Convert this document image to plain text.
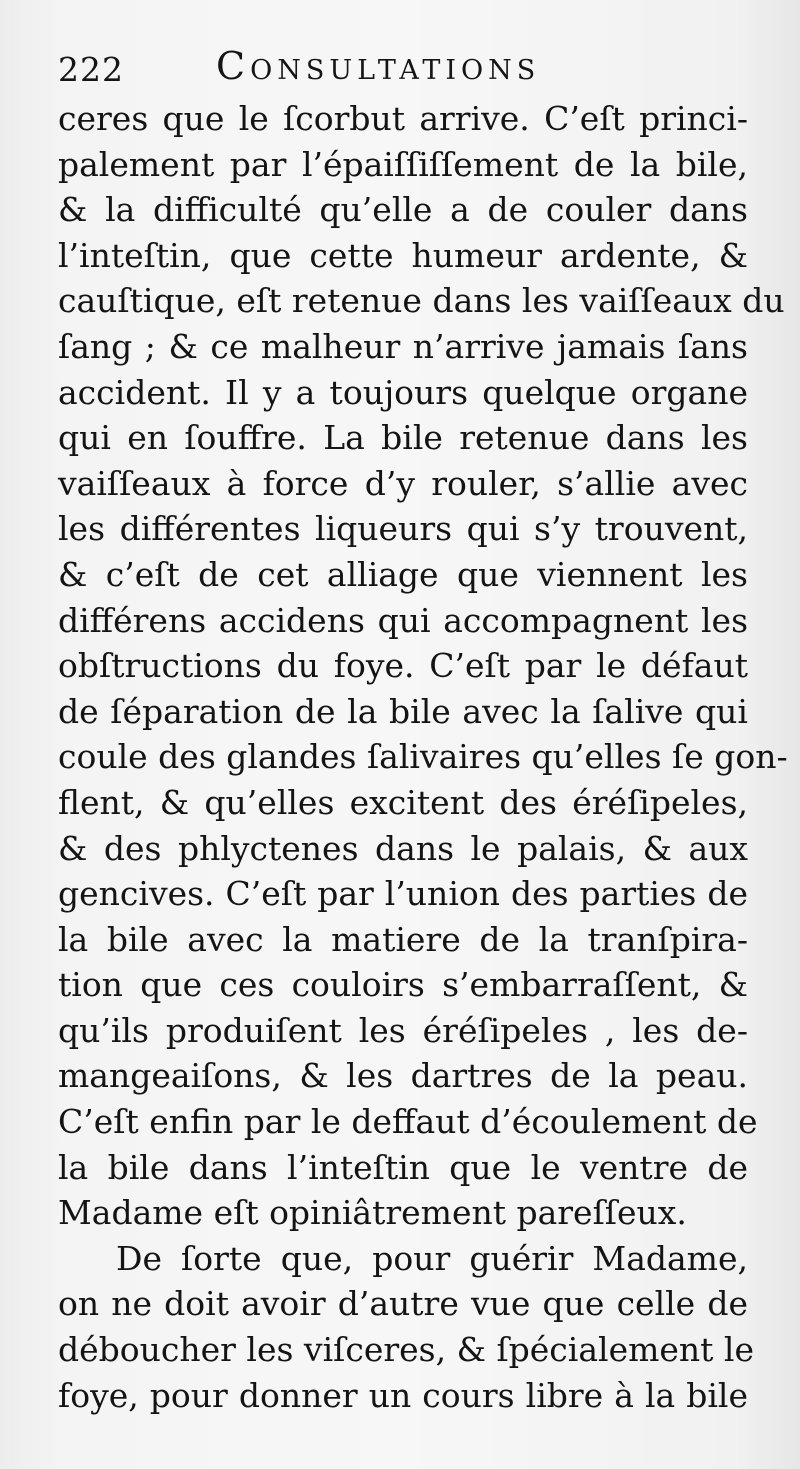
222 Consultations
ceres que le ſcorbut arrive. C’eſt princi-
palement par l’épaiſſiſſement de la bile,
& la difficulté qu’elle a de couler dans
l’inteſtin, que cette humeur ardente, &
cauſtique, eſt retenue dans les vaiſſeaux du
ſang ; & ce malheur n’arrive jamais ſans
accident. Il y a toujours quelque organe
qui en ſouffre. La bile retenue dans les
vaiſſeaux à force d’y rouler, s’allie avec
les différentes liqueurs qui s’y trouvent,
& c’eſt de cet alliage que viennent les
différens accidens qui accompagnent les
obſtructions du foye. C’eſt par le défaut
de ſéparation de la bile avec la ſalive qui
coule des glandes ſalivaires qu’elles ſe gon-
flent, & qu’elles excitent des éréſipeles,
& des phlyctenes dans le palais, & aux
gencives. C’eſt par l’union des parties de
la bile avec la matiere de la tranſpira-
tion que ces couloirs s’embarraſſent, &
qu’ils produiſent les éréſipeles , les de-
mangeaiſons, & les dartres de la peau.
C’eſt enfin par le deffaut d’écoulement de
la bile dans l’inteſtin que le ventre de
Madame eſt opiniâtrement pareſſeux.
De ſorte que, pour guérir Madame,
on ne doit avoir d’autre vue que celle de
déboucher les viſceres, & ſpécialement le
foye, pour donner un cours libre à la bile
